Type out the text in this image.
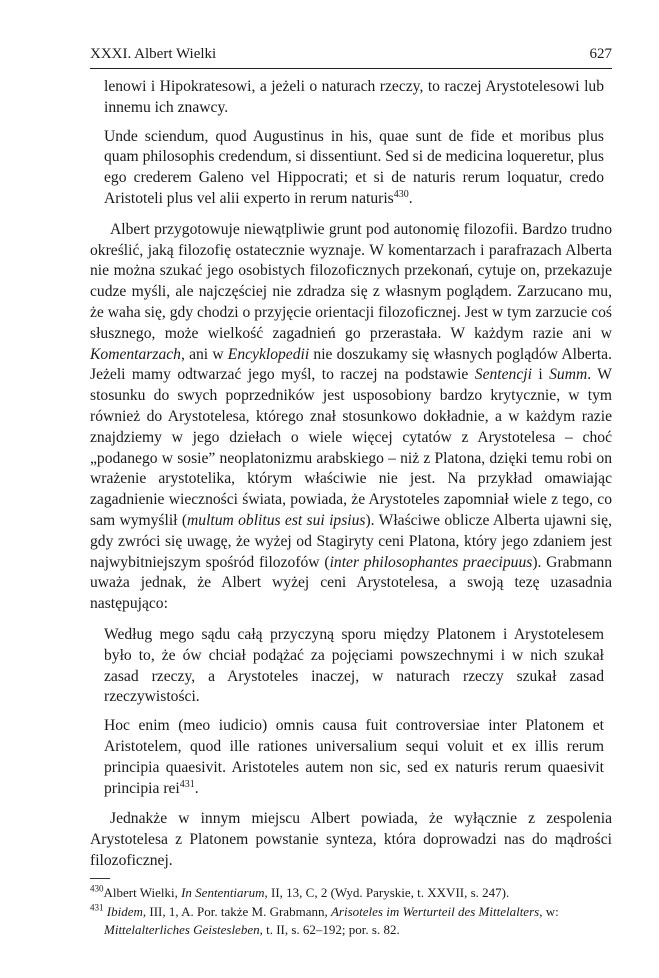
XXXI. Albert Wielki	627

lenowi i Hipokratesowi, a jeżeli o naturach rzeczy, to raczej Arystotelesowi lub innemu ich znawcy.

Unde sciendum, quod Augustinus in his, quae sunt de fide et moribus plus quam philosophis credendum, si dissentiunt. Sed si de medicina loqueretur, plus ego crederem Galeno vel Hippocrati; et si de naturis rerum loquatur, credo Aristoteli plus vel alii experto in rerum naturis$^{430}$.

Albert przygotowuje niewątpliwie grunt pod autonomię filozofii. Bardzo trudno określić, jaką filozofię ostatecznie wyznaje. W komentarzach i parafrazach Alberta nie można szukać jego osobistych filozoficznych przekonań, cytuje on, przekazuje cudze myśli, ale najczęściej nie zdradza się z własnym poglądem. Zarzucano mu, że waha się, gdy chodzi o przyjęcie orientacji filozoficznej. Jest w tym zarzucie coś słusznego, może wielkość zagadnień go przerastała. W każdym razie ani w Komentarzach, ani w Encyklopedii nie doszukamy się własnych poglądów Alberta. Jeżeli mamy odtwarzać jego myśl, to raczej na podstawie Sentencji i Summ. W stosunku do swych poprzedników jest usposobiony bardzo krytycznie, w tym również do Arystotelesa, którego znał stosunkowo dokładnie, a w każdym razie znajdziemy w jego dziełach o wiele więcej cytatów z Arystotelesa – choć „podanego w sosie” neoplatonizmu arabskiego – niż z Platona, dzięki temu robi on wrażenie arystotelika, którym właściwie nie jest. Na przykład omawiając zagadnienie wieczności świata, powiada, że Arystoteles zapomniał wiele z tego, co sam wymyślił (multum oblitus est sui ipsius). Właściwe oblicze Alberta ujawni się, gdy zwróci się uwagę, że wyżej od Stagiryty ceni Platona, który jego zdaniem jest najwybitniejszym spośród filozofów (inter philosophantes praecipuus). Grabmann uważa jednak, że Albert wyżej ceni Arystotelesa, a swoją tezę uzasadnia następująco:

Według mego sądu całą przyczyną sporu między Platonem i Arystotelesem było to, że ów chciał podążać za pojęciami powszechnymi i w nich szukał zasad rzeczy, a Arystoteles inaczej, w naturach rzeczy szukał zasad rzeczywistości.

Hoc enim (meo iudicio) omnis causa fuit controversiae inter Platonem et Aristotelem, quod ille rationes universalium sequi voluit et ex illis rerum principia quaesivit. Aristoteles autem non sic, sed ex naturis rerum quaesivit principia rei$^{431}$.

Jednakże w innym miejscu Albert powiada, że wyłącznie z zespolenia Arystotelesa z Platonem powstanie synteza, która doprowadzi nas do mądrości filozoficznej.

$^{430}$Albert Wielki, In Sententiarum, II, 13, C, 2 (Wyd. Paryskie, t. XXVII, s. 247).

$^{431}$ Ibidem, III, 1, A. Por. także M. Grabmann, Arisoteles im Werturteil des Mittelalters, w: Mittelalterliches Geistesleben, t. II, s. 62–192; por. s. 82.
